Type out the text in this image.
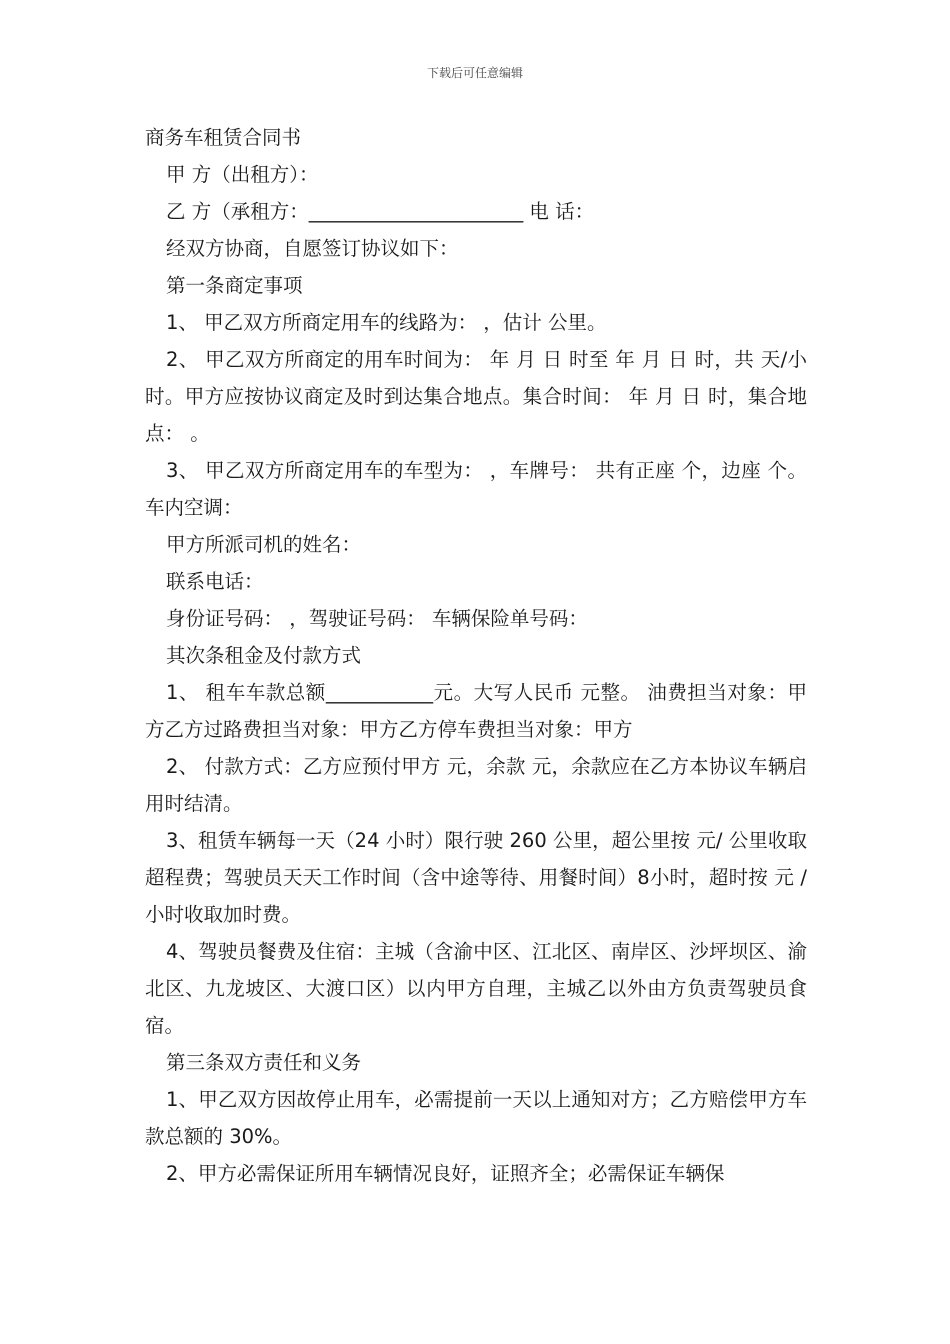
下载后可任意编辑

商务车租赁合同书

甲 方（出租方）：

乙 方（承租方：______________________ 电 话：

经双方协商，自愿签订协议如下：

第一条商定事项

1、 甲乙双方所商定用车的线路为： ，估计 公里。

2、 甲乙双方所商定的用车时间为： 年 月 日 时至 年 月 日 时，共 天/小时。甲方应按协议商定及时到达集合地点。集合时间： 年 月 日 时，集合地点： 。

3、 甲乙双方所商定用车的车型为： ，车牌号： 共有正座 个，边座 个。车内空调：

甲方所派司机的姓名：

联系电话：

身份证号码： ，驾驶证号码： 车辆保险单号码：

其次条租金及付款方式

1、 租车车款总额___________元。大写人民币 元整。 油费担当对象：甲方乙方过路费担当对象：甲方乙方停车费担当对象：甲方

2、 付款方式：乙方应预付甲方 元，余款 元，余款应在乙方本协议车辆启用时结清。

3、租赁车辆每一天（24 小时）限行驶 260 公里，超公里按 元/ 公里收取超程费；驾驶员天天工作时间（含中途等待、用餐时间）8小时，超时按 元 /小时收取加时费。

4、驾驶员餐费及住宿：主城（含渝中区、江北区、南岸区、沙坪坝区、渝北区、九龙坡区、大渡口区）以内甲方自理，主城乙以外由方负责驾驶员食宿。

第三条双方责任和义务

1、甲乙双方因故停止用车，必需提前一天以上通知对方；乙方赔偿甲方车款总额的 30%。

2、甲方必需保证所用车辆情况良好，证照齐全；必需保证车辆保
